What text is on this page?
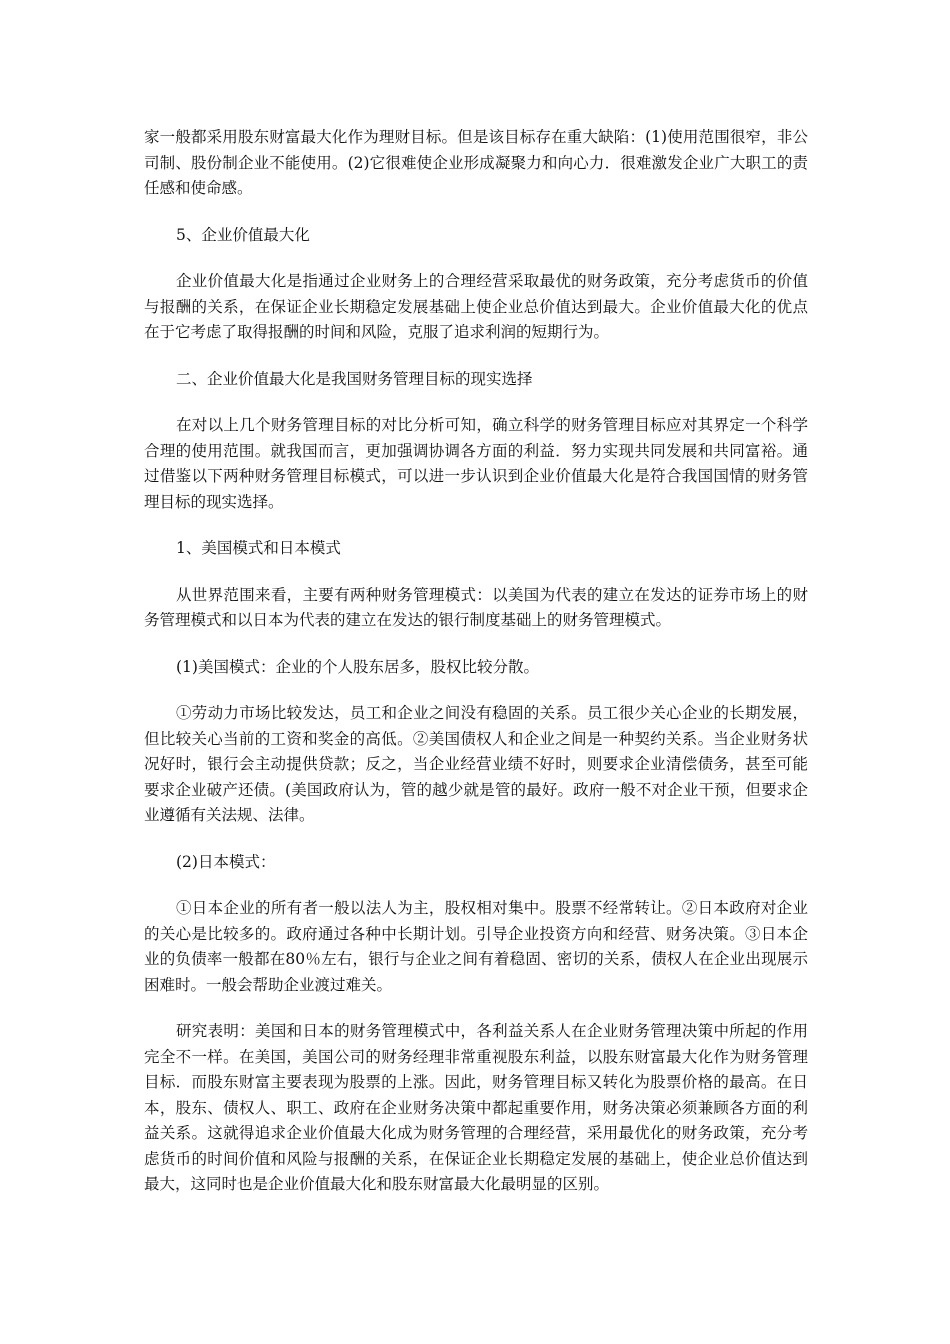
家一般都采用股东财富最大化作为理财目标。但是该目标存在重大缺陷：(1)使用范围很窄，非公司制、股份制企业不能使用。(2)它很难使企业形成凝聚力和向心力．很难激发企业广大职工的责任感和使命感。

5、企业价值最大化

企业价值最大化是指通过企业财务上的合理经营采取最优的财务政策，充分考虑货币的价值与报酬的关系，在保证企业长期稳定发展基础上使企业总价值达到最大。企业价值最大化的优点在于它考虑了取得报酬的时间和风险，克服了追求利润的短期行为。

二、企业价值最大化是我国财务管理目标的现实选择

在对以上几个财务管理目标的对比分析可知，确立科学的财务管理目标应对其界定一个科学合理的使用范围。就我国而言，更加强调协调各方面的利益．努力实现共同发展和共同富裕。通过借鉴以下两种财务管理目标模式，可以进一步认识到企业价值最大化是符合我国国情的财务管理目标的现实选择。

1、美国模式和日本模式

从世界范围来看，主要有两种财务管理模式：以美国为代表的建立在发达的证券市场上的财务管理模式和以日本为代表的建立在发达的银行制度基础上的财务管理模式。

(1)美国模式：企业的个人股东居多，股权比较分散。

①劳动力市场比较发达，员工和企业之间没有稳固的关系。员工很少关心企业的长期发展，但比较关心当前的工资和奖金的高低。②美国债权人和企业之间是一种契约关系。当企业财务状况好时，银行会主动提供贷款；反之，当企业经营业绩不好时，则要求企业清偿债务，甚至可能要求企业破产还债。(美国政府认为，管的越少就是管的最好。政府一般不对企业干预，但要求企业遵循有关法规、法律。

(2)日本模式：

①日本企业的所有者一般以法人为主，股权相对集中。股票不经常转让。②日本政府对企业的关心是比较多的。政府通过各种中长期计划。引导企业投资方向和经营、财务决策。③日本企业的负债率一般都在80％左右，银行与企业之间有着稳固、密切的关系，债权人在企业出现展示困难时。一般会帮助企业渡过难关。

研究表明：美国和日本的财务管理模式中，各利益关系人在企业财务管理决策中所起的作用完全不一样。在美国，美国公司的财务经理非常重视股东利益，以股东财富最大化作为财务管理目标．而股东财富主要表现为股票的上涨。因此，财务管理目标又转化为股票价格的最高。在日本，股东、债权人、职工、政府在企业财务决策中都起重要作用，财务决策必须兼顾各方面的利益关系。这就得追求企业价值最大化成为财务管理的合理经营，采用最优化的财务政策，充分考虑货币的时间价值和风险与报酬的关系，在保证企业长期稳定发展的基础上，使企业总价值达到最大，这同时也是企业价值最大化和股东财富最大化最明显的区别。
